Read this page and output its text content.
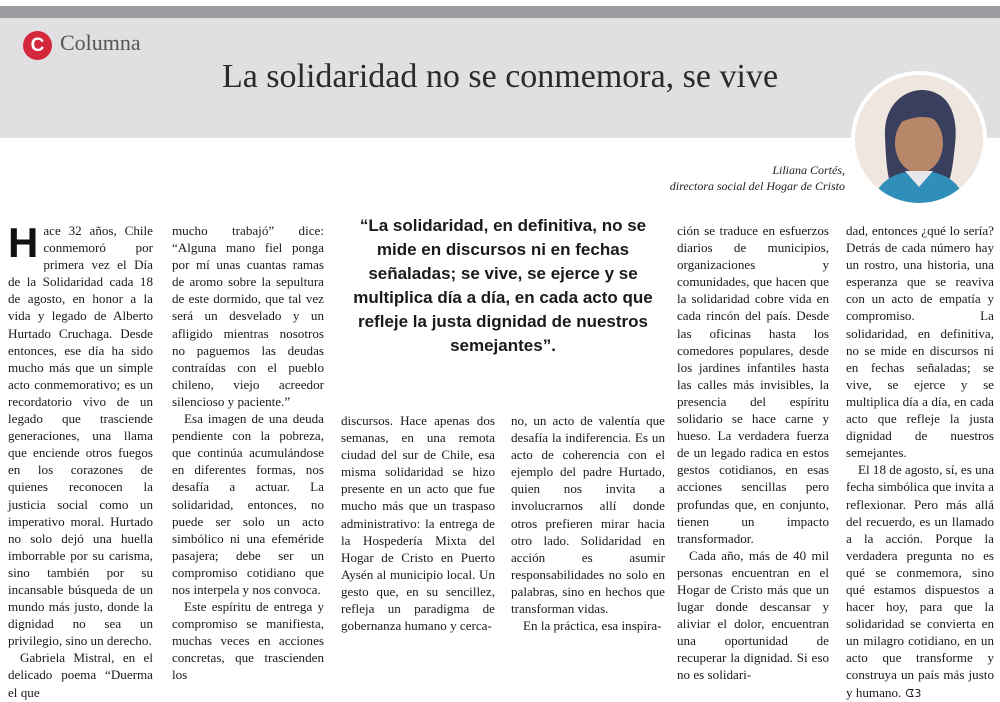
C Columna
La solidaridad no se conmemora, se vive
Liliana Cortés,
directora social del Hogar de Cristo

Hace 32 años, Chile conmemoró por primera vez el Día de la Solidaridad cada 18 de agosto, en honor a la vida y legado de Alberto Hurtado Cruchaga. Desde entonces, ese día ha sido mucho más que un simple acto conmemorativo; es un recordatorio vivo de un legado que trasciende generaciones, una llama que enciende otros fuegos en los corazones de quienes reconocen la justicia social como un imperativo moral. Hurtado no solo dejó una huella imborrable por su carisma, sino también por su incansable búsqueda de un mundo más justo, donde la dignidad no sea un privilegio, sino un derecho.

Gabriela Mistral, en el delicado poema “Duerma el que

mucho trabajó” dice: “Alguna mano fiel ponga por mí unas cuantas ramas de aromo sobre la sepultura de este dormido, que tal vez será un desvelado y un afligido mientras nosotros no paguemos las deudas contraídas con el pueblo chileno, viejo acreedor silencioso y paciente.”

Esa imagen de una deuda pendiente con la pobreza, que continúa acumulándose en diferentes formas, nos desafía a actuar. La solidaridad, entonces, no puede ser solo un acto simbólico ni una efeméride pasajera; debe ser un compromiso cotidiano que nos interpela y nos convoca.

Este espíritu de entrega y compromiso se manifiesta, muchas veces en acciones concretas, que trascienden los

“La solidaridad, en definitiva, no se mide en discursos ni en fechas señaladas; se vive, se ejerce y se multiplica día a día, en cada acto que refleje la justa dignidad de nuestros semejantes”.

discursos. Hace apenas dos semanas, en una remota ciudad del sur de Chile, esa misma solidaridad se hizo presente en un acto que fue mucho más que un traspaso administrativo: la entrega de la Hospedería Mixta del Hogar de Cristo en Puerto Aysén al municipio local. Un gesto que, en su sencillez, refleja un paradigma de gobernanza humano y cerca-

no, un acto de valentía que desafía la indiferencia. Es un acto de coherencia con el ejemplo del padre Hurtado, quien nos invita a involucrarnos allí donde otros prefieren mirar hacia otro lado. Solidaridad en acción es asumir responsabilidades no solo en palabras, sino en hechos que transforman vidas.

En la práctica, esa inspira-

ción se traduce en esfuerzos diarios de municipios, organizaciones y comunidades, que hacen que la solidaridad cobre vida en cada rincón del país. Desde las oficinas hasta los comedores populares, desde los jardines infantiles hasta las calles más invisibles, la presencia del espíritu solidario se hace carne y hueso. La verdadera fuerza de un legado radica en estos gestos cotidianos, en esas acciones sencillas pero profundas que, en conjunto, tienen un impacto transformador.

Cada año, más de 40 mil personas encuentran en el Hogar de Cristo más que un lugar donde descansar y aliviar el dolor, encuentran una oportunidad de recuperar la dignidad. Si eso no es solidari-

dad, entonces ¿qué lo sería? Detrás de cada número hay un rostro, una historia, una esperanza que se reaviva con un acto de empatía y compromiso. La solidaridad, en definitiva, no se mide en discursos ni en fechas señaladas; se vive, se ejerce y se multiplica día a día, en cada acto que refleje la justa dignidad de nuestros semejantes.

El 18 de agosto, sí, es una fecha simbólica que invita a reflexionar. Pero más allá del recuerdo, es un llamado a la acción. Porque la verdadera pregunta no es qué se conmemora, sino qué estamos dispuestos a hacer hoy, para que la solidaridad se convierta en un milagro cotidiano, en un acto que transforme y construya un país más justo y humano. ᗧ3
